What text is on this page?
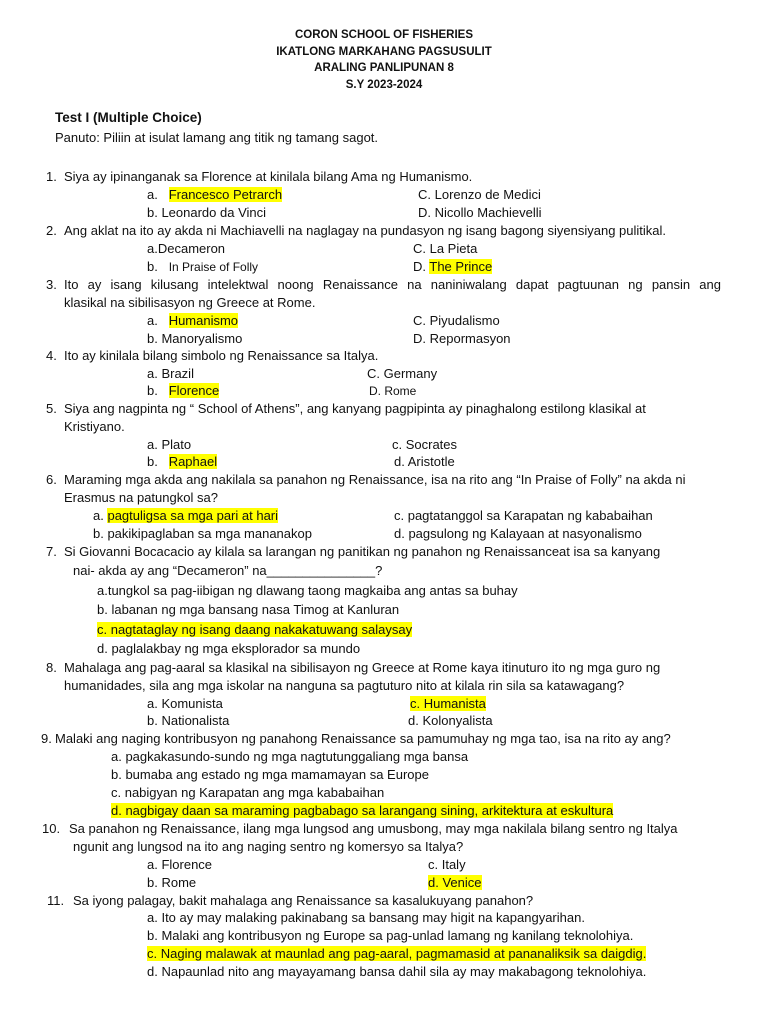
CORON SCHOOL OF FISHERIES
IKATLONG MARKAHANG PAGSUSULIT
ARALING PANLIPUNAN 8
S.Y 2023-2024
Test I (Multiple Choice)
Panuto: Piliin at isulat lamang ang titik ng tamang sagot.
1. Siya ay ipinanganak sa Florence at kinilala bilang Ama ng Humanismo.
a. Francesco Petrarch
b. Leonardo da Vinci
C. Lorenzo de Medici
D. Nicollo Machievelli
2. Ang aklat na ito ay akda ni Machiavelli na naglagay na pundasyon ng isang bagong siyensiyang pulitikal.
a.Decameron
b. In Praise of Folly
C. La Pieta
D. The Prince
3. Ito ay isang kilusang intelektwal noong Renaissance na naniniwalang dapat pagtuunan ng pansin ang
klasikal na sibilisasyon ng Greece at Rome.
a. Humanismo
b. Manoryalismo
C. Piyudalismo
D. Repormasyon
4. Ito ay kinilala bilang simbolo ng Renaissance sa Italya.
a. Brazil
b. Florence
C. Germany
D. Rome
5. Siya ang nagpinta ng “ School of Athens”, ang kanyang pagpipinta ay pinaghalong estilong klasikal at
Kristiyano.
a. Plato
b. Raphael
c. Socrates
d. Aristotle
6. Maraming mga akda ang nakilala sa panahon ng Renaissance, isa na rito ang “In Praise of Folly” na akda ni
Erasmus na patungkol sa?
a. pagtuligsa sa mga pari at hari
b. pakikipaglaban sa mga mananakop
c. pagtatanggol sa Karapatan ng kababaihan
d. pagsulong ng Kalayaan at nasyonalismo
7. Si Giovanni Bocacacio ay kilala sa larangan ng panitikan ng panahon ng Renaissanceat isa sa kanyang
nai- akda ay ang “Decameron” na_______________?
a.tungkol sa pag-iibigan ng dlawang taong magkaiba ang antas sa buhay
b. labanan ng mga bansang nasa Timog at Kanluran
c. nagtataglay ng isang daang nakakatuwang salaysay
d. paglalakbay ng mga eksplorador sa mundo
8. Mahalaga ang pag-aaral sa klasikal na sibilisayon ng Greece at Rome kaya itinuturo ito ng mga guro ng
humanidades, sila ang mga iskolar na nanguna sa pagtuturo nito at kilala rin sila sa katawagang?
a. Komunista
b. Nationalista
c. Humanista
d. Kolonyalista
9. Malaki ang naging kontribusyon ng panahong Renaissance sa pamumuhay ng mga tao, isa na rito ay ang?
a. pagkakasundo-sundo ng mga nagtutunggaliang mga bansa
b. bumaba ang estado ng mga mamamayan sa Europe
c. nabigyan ng Karapatan ang mga kababaihan
d. nagbigay daan sa maraming pagbabago sa larangang sining, arkitektura at eskultura
10. Sa panahon ng Renaissance, ilang mga lungsod ang umusbong, may mga nakilala bilang sentro ng Italya
ngunit ang lungsod na ito ang naging sentro ng komersyo sa Italya?
a. Florence
b. Rome
c. Italy
d. Venice
11. Sa iyong palagay, bakit mahalaga ang Renaissance sa kasalukuyang panahon?
a. Ito ay may malaking pakinabang sa bansang may higit na kapangyarihan.
b. Malaki ang kontribusyon ng Europe sa pag-unlad lamang ng kanilang teknolohiya.
c. Naging malawak at maunlad ang pag-aaral, pagmamasid at pananaliksik sa daigdig.
d. Napaunlad nito ang mayayamang bansa dahil sila ay may makabagong teknolohiya.
